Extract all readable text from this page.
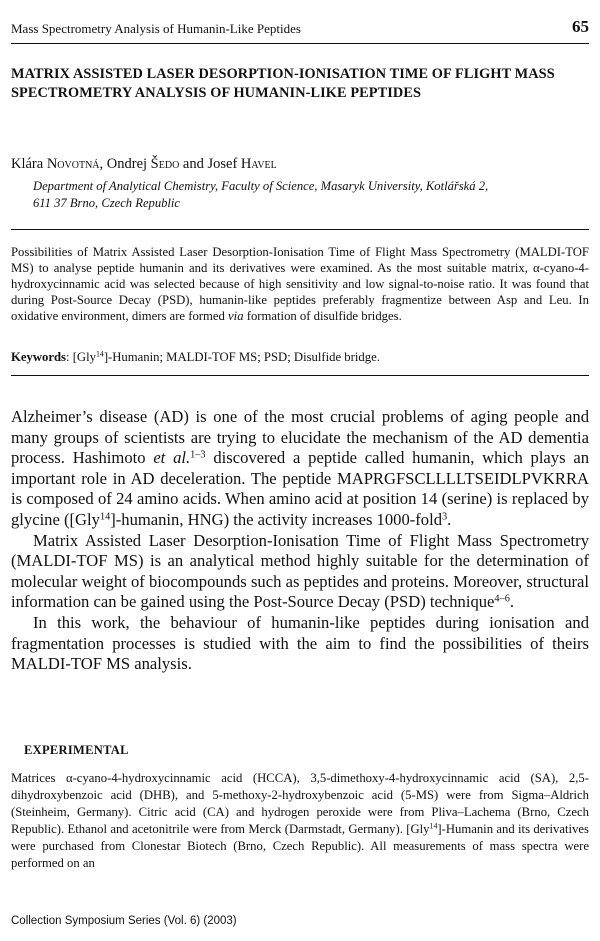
Mass Spectrometry Analysis of Humanin-Like Peptides	65
MATRIX ASSISTED LASER DESORPTION-IONISATION TIME OF FLIGHT MASS SPECTROMETRY ANALYSIS OF HUMANIN-LIKE PEPTIDES
Klára Novotná, Ondrej Šedo and Josef Havel
Department of Analytical Chemistry, Faculty of Science, Masaryk University, Kotlářská 2,
611 37 Brno, Czech Republic

Possibilities of Matrix Assisted Laser Desorption-Ionisation Time of Flight Mass Spectrometry (MALDI-TOF MS) to analyse peptide humanin and its derivatives were examined. As the most suitable matrix, α-cyano-4-hydroxycinnamic acid was selected because of high sensitivity and low signal-to-noise ratio. It was found that during Post-Source Decay (PSD), humanin-like peptides preferably fragmentize between Asp and Leu. In oxidative environment, dimers are formed via formation of disulfide bridges.

Keywords: [Gly$^{14}$]-Humanin; MALDI-TOF MS; PSD; Disulfide bridge.

Alzheimer’s disease (AD) is one of the most crucial problems of aging people and many groups of scientists are trying to elucidate the mechanism of the AD dementia process. Hashimoto et al.$^{1-3}$ discovered a peptide called humanin, which plays an important role in AD deceleration. The peptide MAPRGFSCLLLLTSEIDLPVKRRA is composed of 24 amino acids. When amino acid at position 14 (serine) is replaced by glycine ([Gly$^{14}$]-humanin, HNG) the activity increases 1000-fold$^3$.

Matrix Assisted Laser Desorption-Ionisation Time of Flight Mass Spectrometry (MALDI-TOF MS) is an analytical method highly suitable for the determination of molecular weight of biocompounds such as peptides and proteins. Moreover, structural information can be gained using the Post-Source Decay (PSD) technique$^{4-6}$.

In this work, the behaviour of humanin-like peptides during ionisation and fragmentation processes is studied with the aim to find the possibilities of theirs MALDI-TOF MS analysis.

EXPERIMENTAL

Matrices α-cyano-4-hydroxycinnamic acid (HCCA), 3,5-dimethoxy-4-hydroxycinnamic acid (SA), 2,5-dihydroxybenzoic acid (DHB), and 5-methoxy-2-hydroxybenzoic acid (5-MS) were from Sigma–Aldrich (Steinheim, Germany). Citric acid (CA) and hydrogen peroxide were from Pliva–Lachema (Brno, Czech Republic). Ethanol and acetonitrile were from Merck (Darmstadt, Germany). [Gly$^{14}$]-Humanin and its derivatives were purchased from Clonestar Biotech (Brno, Czech Republic). All measurements of mass spectra were performed on an

Collection Symposium Series (Vol. 6) (2003)
